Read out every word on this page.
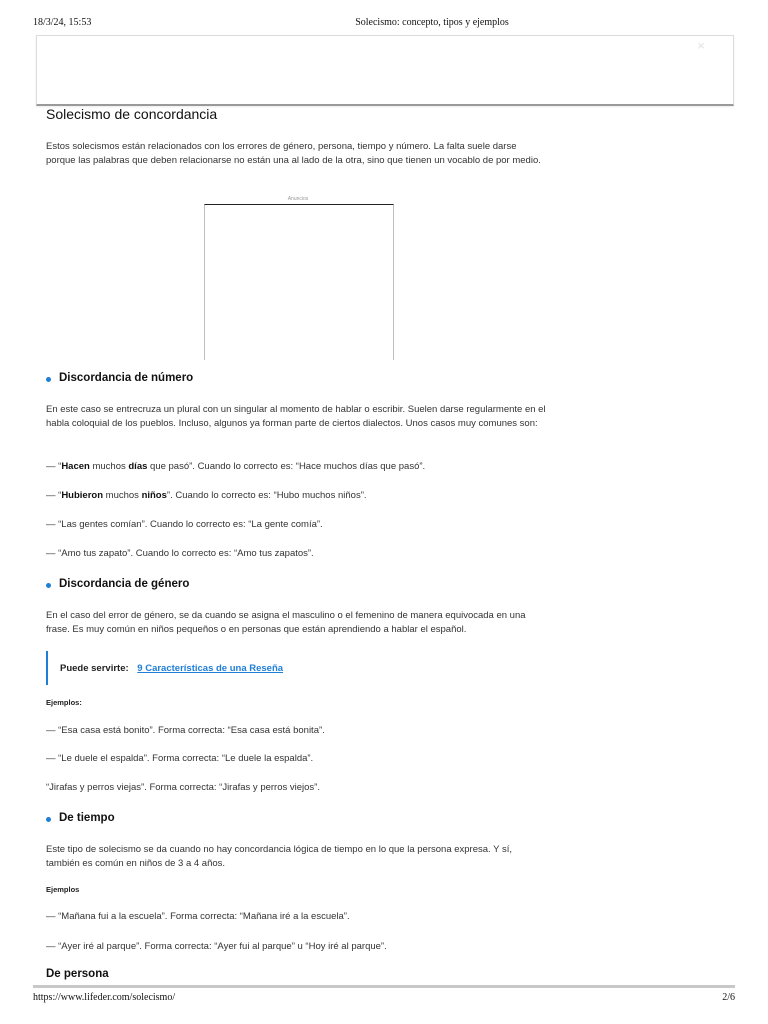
18/3/24, 15:53	Solecismo: concepto, tipos y ejemplos
×
Solecismo de concordancia

Estos solecismos están relacionados con los errores de género, persona, tiempo y número. La falta suele darse porque las palabras que deben relacionarse no están una al lado de la otra, sino que tienen un vocablo de por medio.

Discordancia de número

En este caso se entrecruza un plural con un singular al momento de hablar o escribir. Suelen darse regularmente en el habla coloquial de los pueblos. Incluso, algunos ya forman parte de ciertos dialectos. Unos casos muy comunes son:

— “Hacen muchos días que pasó”. Cuando lo correcto es: “Hace muchos días que pasó”.
— “Hubieron muchos niños”. Cuando lo correcto es: “Hubo muchos niños”.
— “Las gentes comían”. Cuando lo correcto es: “La gente comía”.
— “Amo tus zapato”. Cuando lo correcto es: “Amo tus zapatos”.
Discordancia de género

En el caso del error de género, se da cuando se asigna el masculino o el femenino de manera equivocada en una frase. Es muy común en niños pequeños o en personas que están aprendiendo a hablar el español.

Ejemplos:
— “Esa casa está bonito”. Forma correcta: “Esa casa está bonita”.
— “Le duele el espalda”. Forma correcta: “Le duele la espalda”.
“Jirafas y perros viejas”. Forma correcta: “Jirafas y perros viejos”.
De tiempo

Este tipo de solecismo se da cuando no hay concordancia lógica de tiempo en lo que la persona expresa. Y sí, también es común en niños de 3 a 4 años.

Ejemplos
— “Mañana fui a la escuela”. Forma correcta: “Mañana iré a la escuela”.
— “Ayer iré al parque”. Forma correcta: “Ayer fui al parque” u “Hoy iré al parque”.
De persona
Anuncios
Puede servirte: 9 Características de una Reseña
https://www.lifeder.com/solecismo/	2/6
